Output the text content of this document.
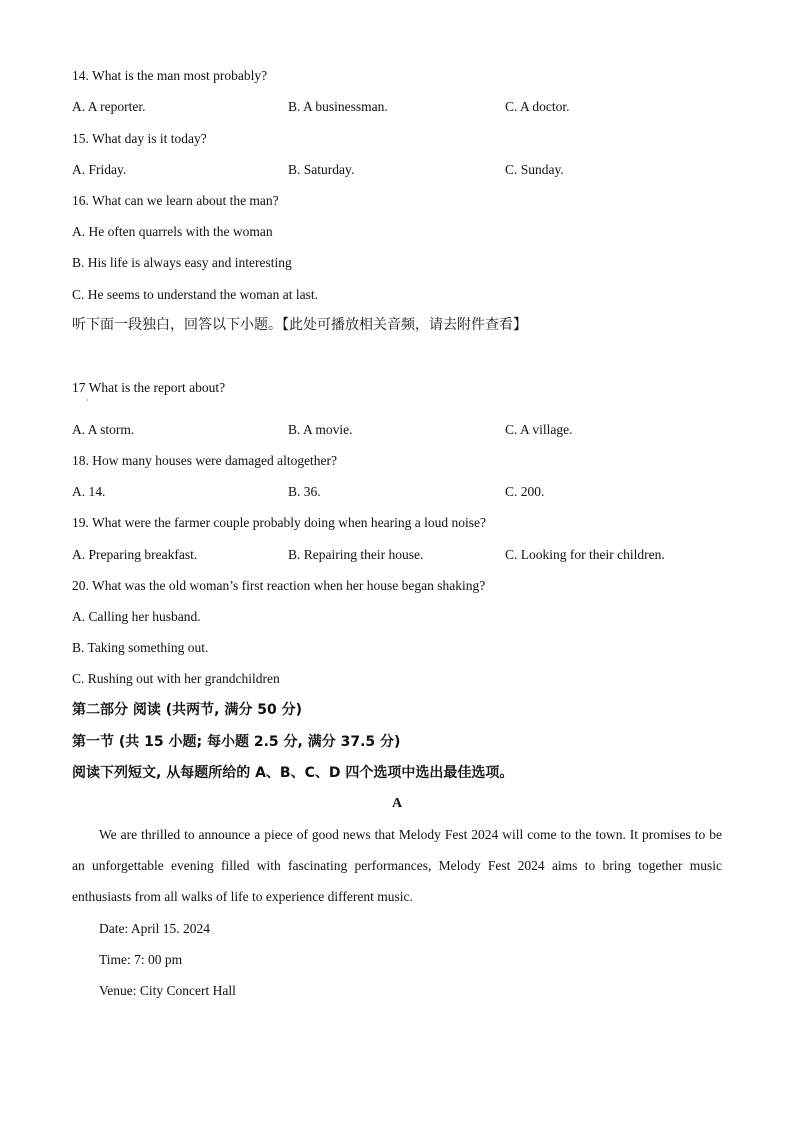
14. What is the man most probably?
A. A reporter.	B. A businessman.	C. A doctor.
15. What day is it today?
A. Friday.	B. Saturday.	C. Sunday.
16. What can we learn about the man?
A. He often quarrels with the woman
B. His life is always easy and interesting
C. He seems to understand the woman at last.
听下面一段独白，回答以下小题。【此处可播放相关音频，请去附件查看】
17 What is the report about?
·
A. A storm.	B. A movie.	C. A village.
18. How many houses were damaged altogether?
A. 14.	B. 36.	C. 200.
19. What were the farmer couple probably doing when hearing a loud noise?
A. Preparing breakfast.	B. Repairing their house.	C. Looking for their children.
20. What was the old woman’s first reaction when her house began shaking?
A. Calling her husband.
B. Taking something out.
C. Rushing out with her grandchildren
第二部分 阅读 (共两节, 满分 50 分)
第一节 (共 15 小题; 每小题 2.5 分, 满分 37.5 分)
阅读下列短文, 从每题所给的 A、B、C、D 四个选项中选出最佳选项。
A
We are thrilled to announce a piece of good news that Melody Fest 2024 will come to the town. It promises to be an unforgettable evening filled with fascinating performances, Melody Fest 2024 aims to bring together music enthusiasts from all walks of life to experience different music.
Date: April 15. 2024
Time: 7: 00 pm
Venue: City Concert Hall
